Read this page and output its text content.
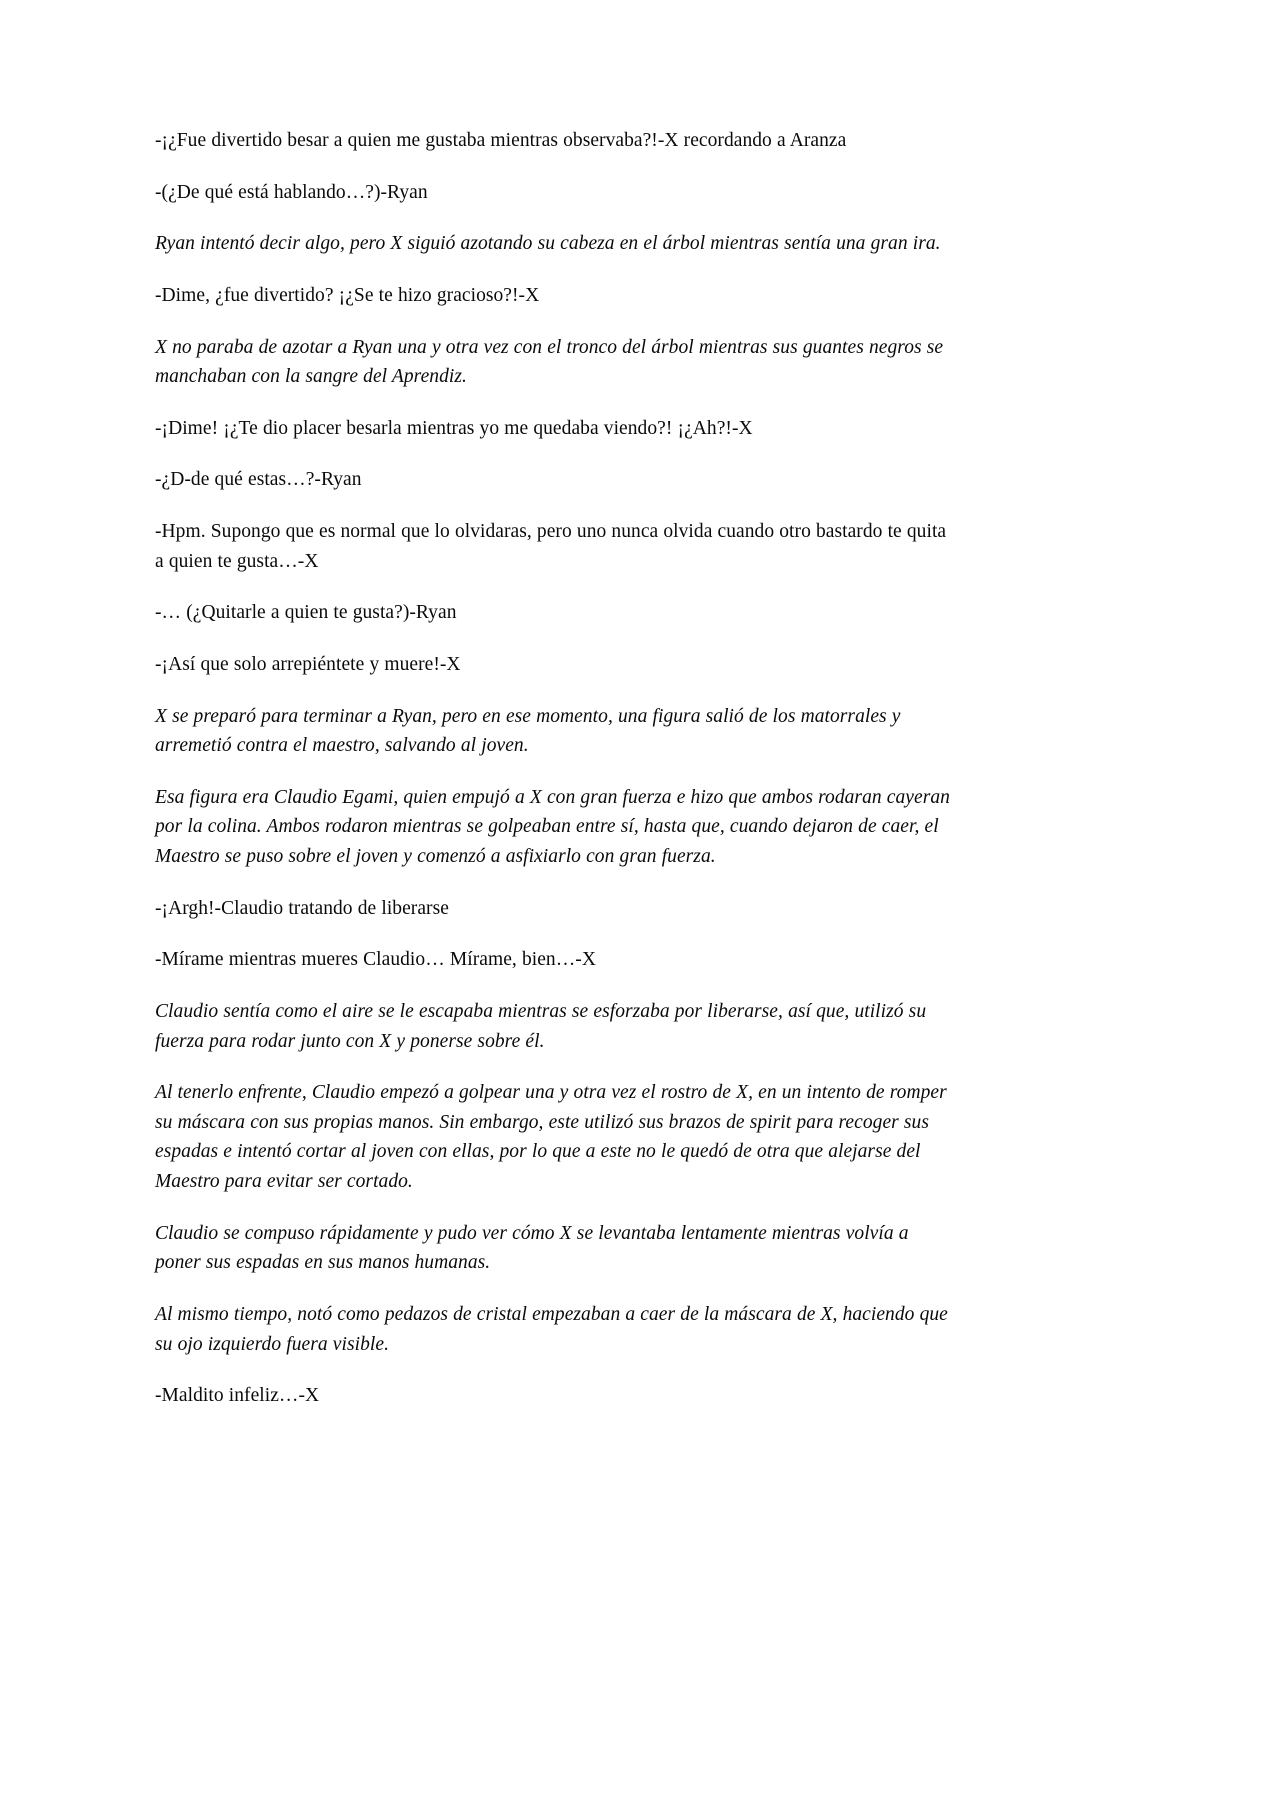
-¡¿Fue divertido besar a quien me gustaba mientras observaba?!-X recordando a Aranza

-(¿De qué está hablando…?)-Ryan

Ryan intentó decir algo, pero X siguió azotando su cabeza en el árbol mientras sentía una gran ira.

-Dime, ¿fue divertido? ¡¿Se te hizo gracioso?!-X

X no paraba de azotar a Ryan una y otra vez con el tronco del árbol mientras sus guantes negros se manchaban con la sangre del Aprendiz.

-¡Dime! ¡¿Te dio placer besarla mientras yo me quedaba viendo?! ¡¿Ah?!-X

-¿D-de qué estas…?-Ryan

-Hpm. Supongo que es normal que lo olvidaras, pero uno nunca olvida cuando otro bastardo te quita a quien te gusta…-X

-… (¿Quitarle a quien te gusta?)-Ryan

-¡Así que solo arrepiéntete y muere!-X

X se preparó para terminar a Ryan, pero en ese momento, una figura salió de los matorrales y arremetió contra el maestro, salvando al joven.

Esa figura era Claudio Egami, quien empujó a X con gran fuerza e hizo que ambos rodaran cayeran por la colina. Ambos rodaron mientras se golpeaban entre sí, hasta que, cuando dejaron de caer, el Maestro se puso sobre el joven y comenzó a asfixiarlo con gran fuerza.

-¡Argh!-Claudio tratando de liberarse

-Mírame mientras mueres Claudio… Mírame, bien…-X

Claudio sentía como el aire se le escapaba mientras se esforzaba por liberarse, así que, utilizó su fuerza para rodar junto con X y ponerse sobre él.

Al tenerlo enfrente, Claudio empezó a golpear una y otra vez el rostro de X, en un intento de romper su máscara con sus propias manos. Sin embargo, este utilizó sus brazos de spirit para recoger sus espadas e intentó cortar al joven con ellas, por lo que a este no le quedó de otra que alejarse del Maestro para evitar ser cortado.

Claudio se compuso rápidamente y pudo ver cómo X se levantaba lentamente mientras volvía a poner sus espadas en sus manos humanas.

Al mismo tiempo, notó como pedazos de cristal empezaban a caer de la máscara de X, haciendo que su ojo izquierdo fuera visible.

-Maldito infeliz…-X
